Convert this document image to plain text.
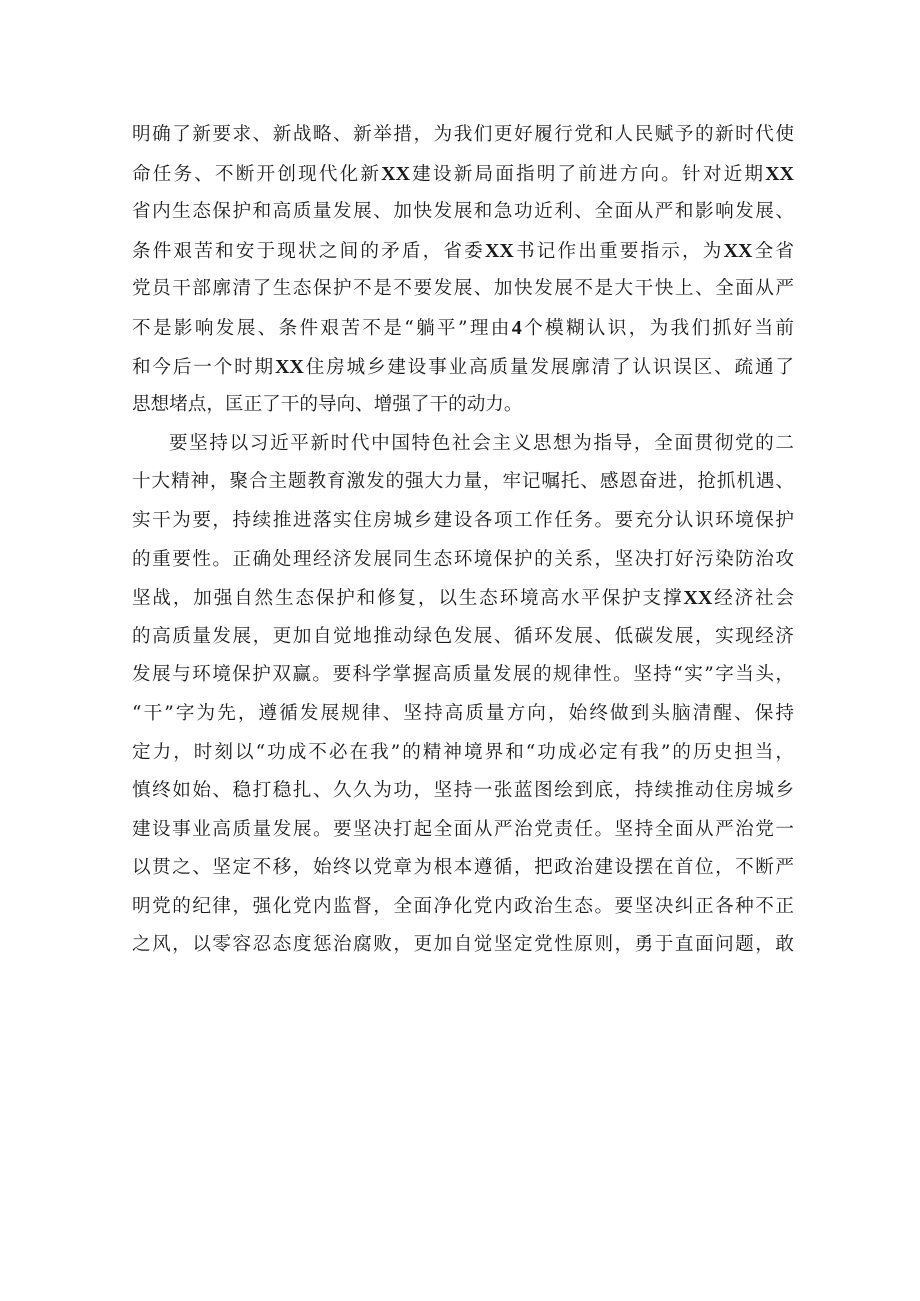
明确了新要求、新战略、新举措，为我们更好履行党和人民赋予的新时代使
命任务、不断开创现代化新XX建设新局面指明了前进方向。针对近期XX
省内生态保护和高质量发展、加快发展和急功近利、全面从严和影响发展、
条件艰苦和安于现状之间的矛盾，省委XX书记作出重要指示，为XX全省
党员干部廓清了生态保护不是不要发展、加快发展不是大干快上、全面从严
不是影响发展、条件艰苦不是“躺平”理由4个模糊认识，为我们抓好当前
和今后一个时期XX住房城乡建设事业高质量发展廓清了认识误区、疏通了
思想堵点，匡正了干的导向、增强了干的动力。
要坚持以习近平新时代中国特色社会主义思想为指导，全面贯彻党的二
十大精神，聚合主题教育激发的强大力量，牢记嘱托、感恩奋进，抢抓机遇、
实干为要，持续推进落实住房城乡建设各项工作任务。要充分认识环境保护
的重要性。正确处理经济发展同生态环境保护的关系，坚决打好污染防治攻
坚战，加强自然生态保护和修复，以生态环境高水平保护支撑XX经济社会
的高质量发展，更加自觉地推动绿色发展、循环发展、低碳发展，实现经济
发展与环境保护双赢。要科学掌握高质量发展的规律性。坚持“实”字当头，
“干”字为先，遵循发展规律、坚持高质量方向，始终做到头脑清醒、保持
定力，时刻以“功成不必在我”的精神境界和“功成必定有我”的历史担当，
慎终如始、稳打稳扎、久久为功，坚持一张蓝图绘到底，持续推动住房城乡
建设事业高质量发展。要坚决打起全面从严治党责任。坚持全面从严治党一
以贯之、坚定不移，始终以党章为根本遵循，把政治建设摆在首位，不断严
明党的纪律，强化党内监督，全面净化党内政治生态。要坚决纠正各种不正
之风，以零容忍态度惩治腐败，更加自觉坚定党性原则，勇于直面问题，敢
